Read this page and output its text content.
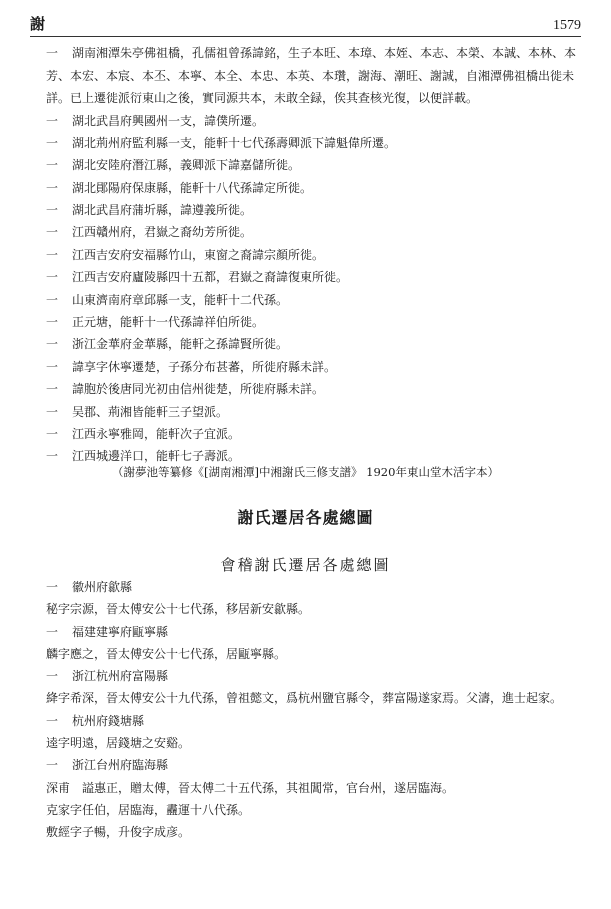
謝	1579

一 湖南湘潭朱亭佛祖橋，孔儒祖曾孫諱銘，生子本旺、本璋、本姪、本志、本榮、本誠、本林、本芳、本宏、本宸、本丕、本寧、本全、本忠、本英、本瓚，謝海、潮旺、謝誠，自湘潭佛祖橋出徙未詳。已上遷徙派衍東山之後，實同源共本，未敢全録，俟其查核光復，以便詳載。

一 湖北武昌府興國州一支，諱僕所遷。
一 湖北荊州府監利縣一支，能軒十七代孫壽卿派下諱魁偉所遷。
一 湖北安陸府潛江縣，義卿派下諱嘉儲所徙。
一 湖北鄖陽府保康縣，能軒十八代孫諱定所徙。
一 湖北武昌府蒲圻縣，諱遵義所徙。
一 江西贛州府，君嶽之裔幼芳所徙。
一 江西吉安府安福縣竹山，東窗之裔諱宗顏所徙。
一 江西吉安府廬陵縣四十五都，君嶽之裔諱復東所徙。
一 山東濟南府章邱縣一支，能軒十二代孫。
一 正元塘，能軒十一代孫諱祥伯所徙。
一 浙江金華府金華縣，能軒之孫諱賢所徙。
一 諱享字休寧遷楚，子孫分布甚蕃，所徙府縣未詳。
一 諱胞於後唐同光初由信州徙楚，所徙府縣未詳。
一 吴郡、荊湘皆能軒三子望派。
一 江西永寧雅岡，能軒次子宜派。
一 江西城邊洋口，能軒七子壽派。
（謝夢池等纂修《[湖南湘潭]中湘謝氏三修支譜》 1920年東山堂木活字本）
謝氏遷居各處總圖
會稽謝氏遷居各處總圖
一 徽州府歙縣
秘字宗源，晉太傅安公十七代孫，移居新安歙縣。
一 福建建寧府甌寧縣
麟字應之，晉太傅安公十七代孫，居甌寧縣。
一 浙江杭州府富陽縣
絳字希深，晉太傅安公十九代孫，曾祖懿文，爲杭州鹽官縣令，葬富陽遂家焉。父濤，進士起家。
一 杭州府錢塘縣
逵字明遠，居錢塘之安谿。
一 浙江台州府臨海縣
深甫　謚惠正，贈太傅，晉太傅二十五代孫，其祖閶常，官台州，遂居臨海。
克家字任伯，居臨海，衋運十八代孫。
敷經字子暢，升俊字成彦。
